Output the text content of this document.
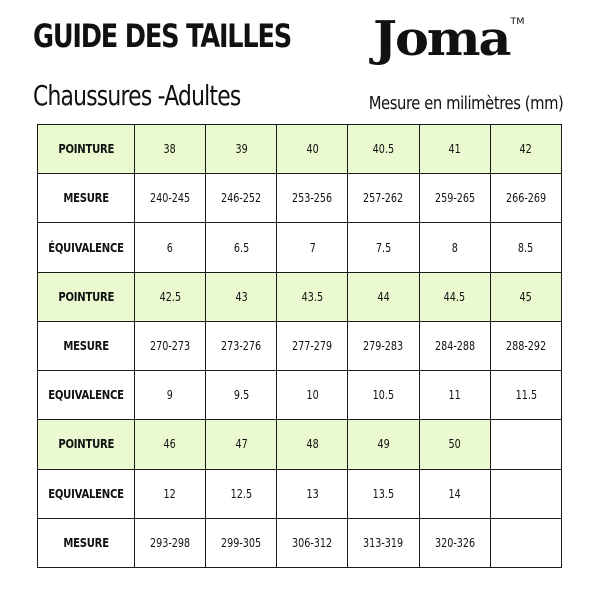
GUIDE DES TAILLES Joma™
Chaussures -Adultes	Mesure en milimètres (mm)
POINTURE	38	39	40	40.5	41	42
MESURE	240-245	246-252	253-256	257-262	259-265	266-269
ÉQUIVALENCE	6	6.5	7	7.5	8	8.5
POINTURE	42.5	43	43.5	44	44.5	45
MESURE	270-273	273-276	277-279	279-283	284-288	288-292
EQUIVALENCE	9	9.5	10	10.5	11	11.5
POINTURE	46	47	48	49	50	
EQUIVALENCE	12	12.5	13	13.5	14	
MESURE	293-298	299-305	306-312	313-319	320-326	
